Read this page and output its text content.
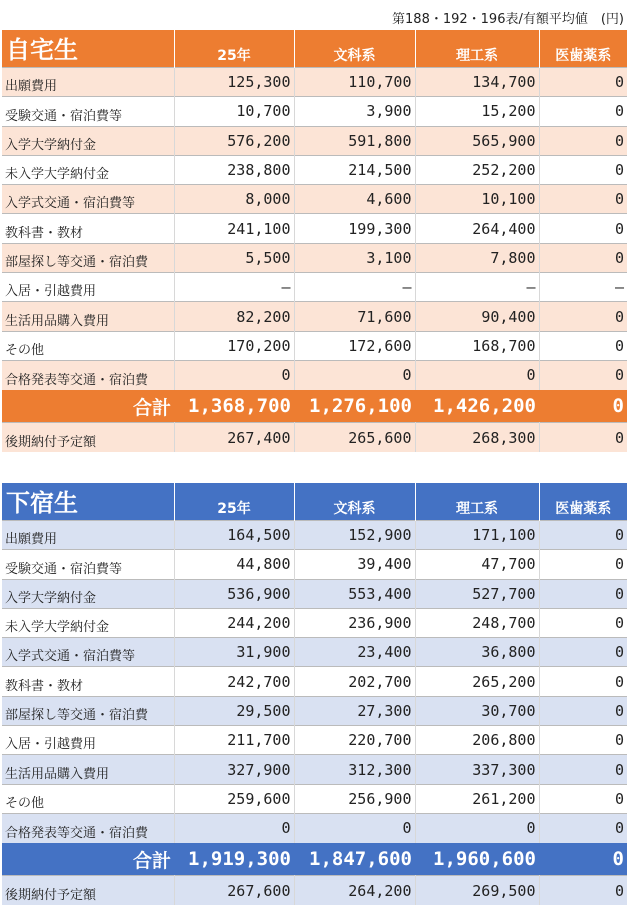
第188・192・196表/有額平均値　(円)
自宅生	25年	文科系	理工系	医歯薬系
出願費用	125,300	110,700	134,700	0
受験交通・宿泊費等	10,700	3,900	15,200	0
入学大学納付金	576,200	591,800	565,900	0
未入学大学納付金	238,800	214,500	252,200	0
入学式交通・宿泊費等	8,000	4,600	10,100	0
教科書・教材	241,100	199,300	264,400	0
部屋探し等交通・宿泊費	5,500	3,100	7,800	0
入居・引越費用	—	—	—	—
生活用品購入費用	82,200	71,600	90,400	0
その他	170,200	172,600	168,700	0
合格発表等交通・宿泊費	0	0	0	0
合計	1,368,700	1,276,100	1,426,200	0
後期納付予定額	267,400	265,600	268,300	0
下宿生	25年	文科系	理工系	医歯薬系
出願費用	164,500	152,900	171,100	0
受験交通・宿泊費等	44,800	39,400	47,700	0
入学大学納付金	536,900	553,400	527,700	0
未入学大学納付金	244,200	236,900	248,700	0
入学式交通・宿泊費等	31,900	23,400	36,800	0
教科書・教材	242,700	202,700	265,200	0
部屋探し等交通・宿泊費	29,500	27,300	30,700	0
入居・引越費用	211,700	220,700	206,800	0
生活用品購入費用	327,900	312,300	337,300	0
その他	259,600	256,900	261,200	0
合格発表等交通・宿泊費	0	0	0	0
合計	1,919,300	1,847,600	1,960,600	0
後期納付予定額	267,600	264,200	269,500	0
